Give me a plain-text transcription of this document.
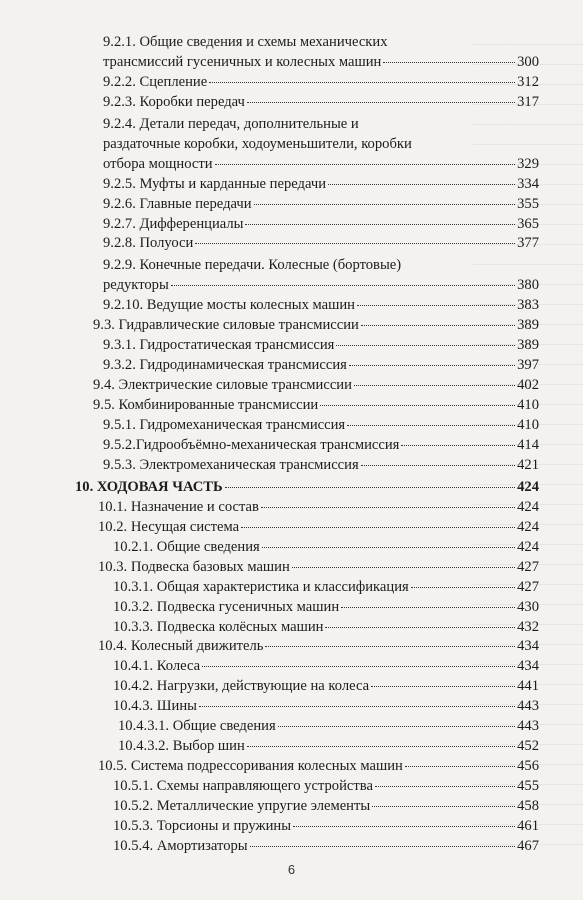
9.2.1. Общие сведения и схемы механических
трансмиссий гусеничных и колесных машин	300
9.2.2. Сцепление	312
9.2.3. Коробки передач	317
9.2.4. Детали передач, дополнительные и
раздаточные коробки, ходоуменьшители, коробки
отбора мощности	329
9.2.5. Муфты и карданные передачи	334
9.2.6. Главные передачи	355
9.2.7. Дифференциалы	365
9.2.8. Полуоси	377
9.2.9. Конечные передачи. Колесные (бортовые)
редукторы	380
9.2.10. Ведущие мосты колесных машин	383
9.3. Гидравлические силовые трансмиссии	389
9.3.1. Гидростатическая трансмиссия	389
9.3.2. Гидродинамическая трансмиссия	397
9.4. Электрические силовые трансмиссии	402
9.5. Комбинированные трансмиссии	410
9.5.1. Гидромеханическая трансмиссия	410
9.5.2.Гидрообъёмно-механическая трансмиссия	414
9.5.3. Электромеханическая трансмиссия	421
10. ХОДОВАЯ ЧАСТЬ	424
10.1. Назначение и состав	424
10.2. Несущая система	424
10.2.1. Общие сведения	424
10.3. Подвеска базовых машин	427
10.3.1. Общая характеристика и классификация	427
10.3.2. Подвеска гусеничных машин	430
10.3.3. Подвеска колёсных машин	432
10.4. Колесный движитель	434
10.4.1. Колеса	434
10.4.2. Нагрузки, действующие на колеса	441
10.4.3. Шины	443
10.4.3.1. Общие сведения	443
10.4.3.2. Выбор шин	452
10.5. Система подрессоривания колесных машин	456
10.5.1. Схемы направляющего устройства	455
10.5.2. Металлические упругие элементы	458
10.5.3. Торсионы и пружины	461
10.5.4. Амортизаторы	467
6
